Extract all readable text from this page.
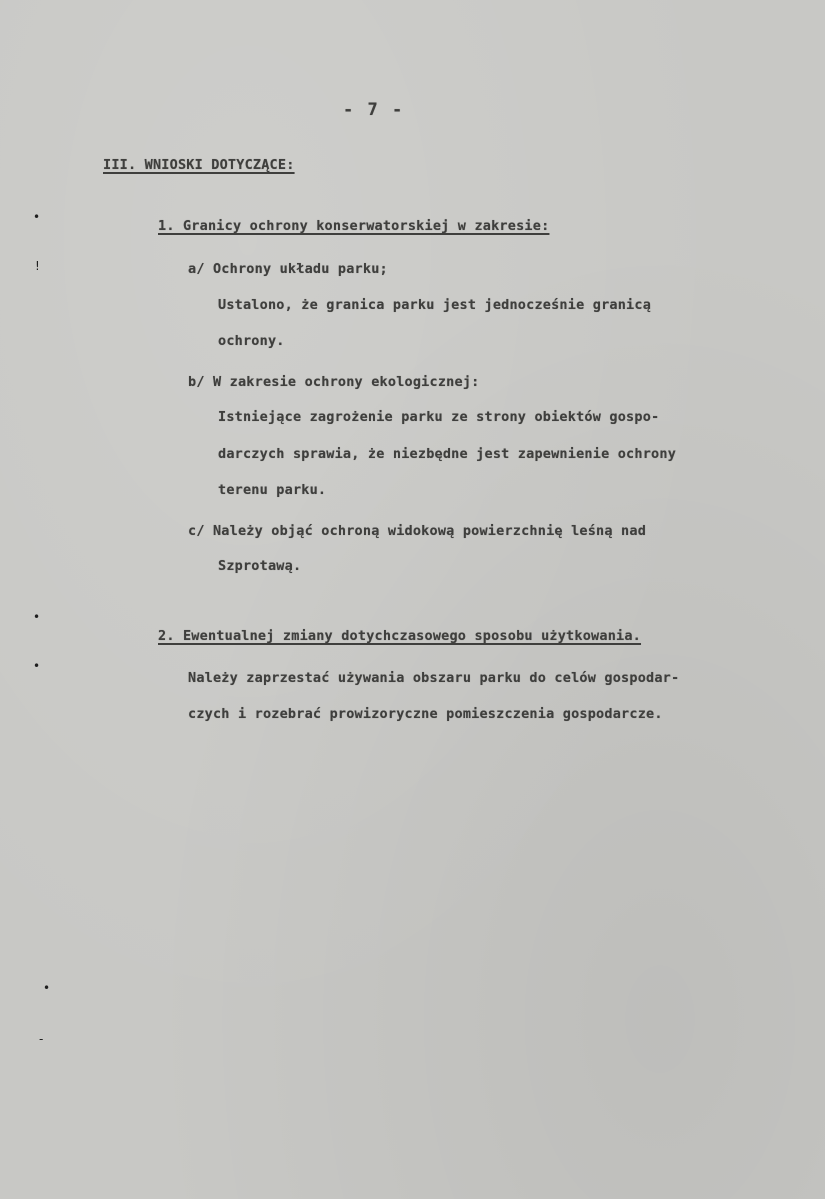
- 7 -
III. WNIOSKI DOTYCZĄCE:
1. Granicy ochrony konserwatorskiej w zakresie:
a/ Ochrony układu parku;
Ustalono, że granica parku jest jednocześnie granicą
ochrony.
b/ W zakresie ochrony ekologicznej:
Istniejące zagrożenie parku ze strony obiektów gospo-
darczych sprawia, że niezbędne jest zapewnienie ochrony
terenu parku.
c/ Należy objąć ochroną widokową powierzchnię leśną nad
Szprotawą.
2. Ewentualnej zmiany dotychczasowego sposobu użytkowania.
Należy zaprzestać używania obszaru parku do celów gospodar-
czych i rozebrać prowizoryczne pomieszczenia gospodarcze.
•
!
•
•
•
-
